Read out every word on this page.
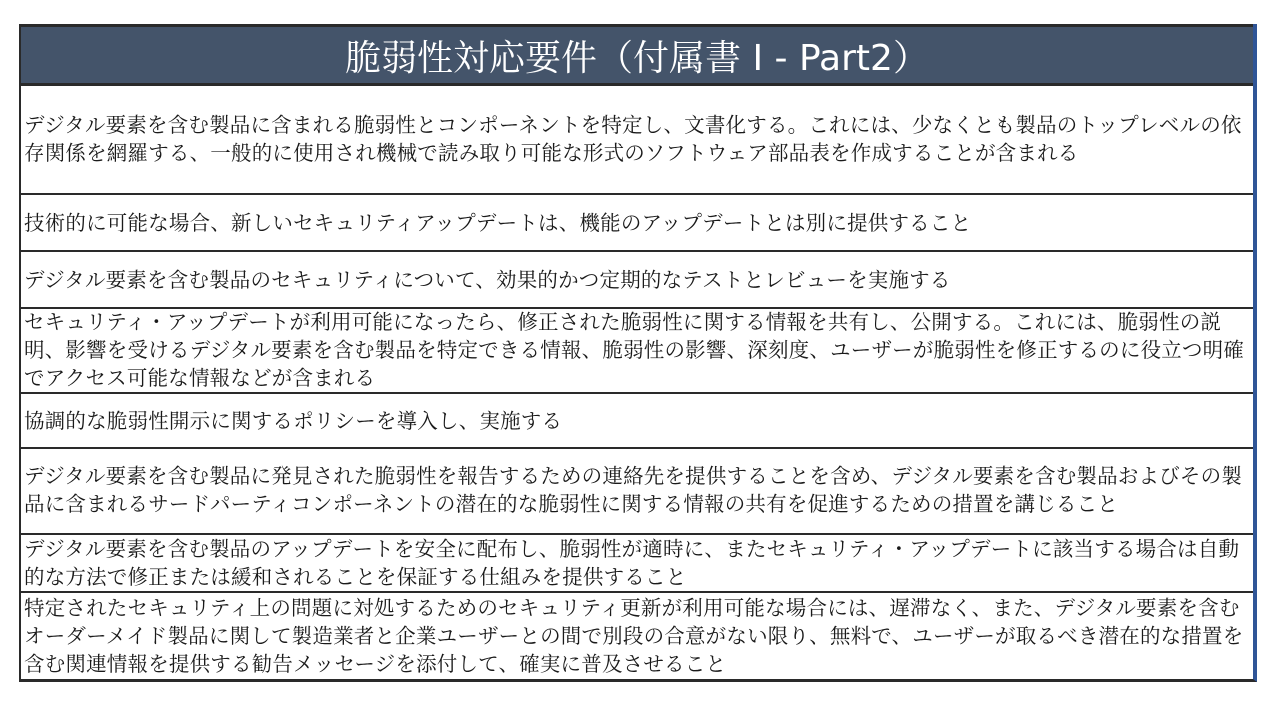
脆弱性対応要件（付属書 I - Part2）
デジタル要素を含む製品に含まれる脆弱性とコンポーネントを特定し、文書化する。これには、少なくとも製品のトップレベルの依存関係を網羅する、一般的に使用され機械で読み取り可能な形式のソフトウェア部品表を作成することが含まれる
技術的に可能な場合、新しいセキュリティアップデートは、機能のアップデートとは別に提供すること
デジタル要素を含む製品のセキュリティについて、効果的かつ定期的なテストとレビューを実施する
セキュリティ・アップデートが利用可能になったら、修正された脆弱性に関する情報を共有し、公開する。これには、脆弱性の説明、影響を受けるデジタル要素を含む製品を特定できる情報、脆弱性の影響、深刻度、ユーザーが脆弱性を修正するのに役立つ明確でアクセス可能な情報などが含まれる
協調的な脆弱性開示に関するポリシーを導入し、実施する
デジタル要素を含む製品に発見された脆弱性を報告するための連絡先を提供することを含め、デジタル要素を含む製品およびその製品に含まれるサードパーティコンポーネントの潜在的な脆弱性に関する情報の共有を促進するための措置を講じること
デジタル要素を含む製品のアップデートを安全に配布し、脆弱性が適時に、またセキュリティ・アップデートに該当する場合は自動的な方法で修正または緩和されることを保証する仕組みを提供すること
特定されたセキュリティ上の問題に対処するためのセキュリティ更新が利用可能な場合には、遅滞なく、また、デジタル要素を含むオーダーメイド製品に関して製造業者と企業ユーザーとの間で別段の合意がない限り、無料で、ユーザーが取るべき潜在的な措置を含む関連情報を提供する勧告メッセージを添付して、確実に普及させること
